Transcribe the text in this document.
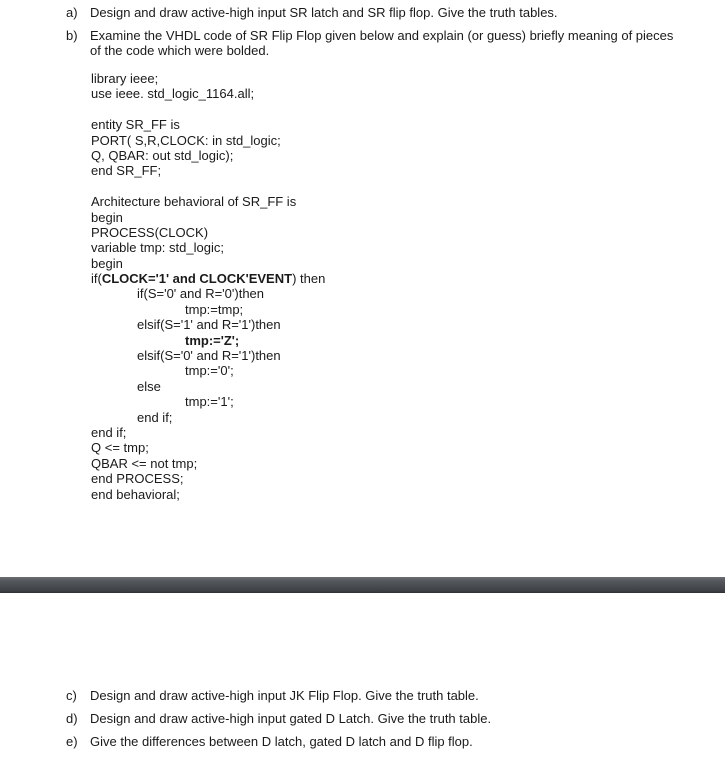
a) Design and draw active-high input SR latch and SR flip flop. Give the truth tables.
b) Examine the VHDL code of SR Flip Flop given below and explain (or guess) briefly meaning of pieces of the code which were bolded.
library ieee;
use ieee. std_logic_1164.all;
entity SR_FF is
PORT( S,R,CLOCK: in std_logic;
Q, QBAR: out std_logic);
end SR_FF;
Architecture behavioral of SR_FF is
begin
PROCESS(CLOCK)
variable tmp: std_logic;
begin
if(CLOCK='1' and CLOCK'EVENT) then
if(S='0' and R='0')then
tmp:=tmp;
elsif(S='1' and R='1')then
tmp:='Z';
elsif(S='0' and R='1')then
tmp:='0';
else
tmp:='1';
end if;
end if;
Q <= tmp;
QBAR <= not tmp;
end PROCESS;
end behavioral;
c) Design and draw active-high input JK Flip Flop. Give the truth table.
d) Design and draw active-high input gated D Latch. Give the truth table.
e) Give the differences between D latch, gated D latch and D flip flop.
